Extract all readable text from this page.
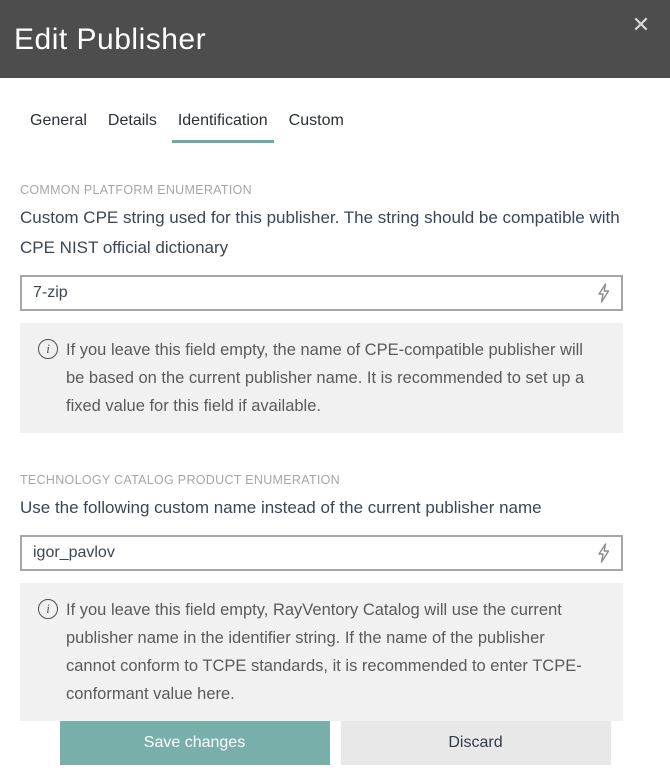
Edit Publisher	✕
General	Details	Identification	Custom
COMMON PLATFORM ENUMERATION
Custom CPE string used for this publisher. The string should be compatible with CPE NIST official dictionary
7-zip
i If you leave this field empty, the name of CPE-compatible publisher will be based on the current publisher name. It is recommended to set up a fixed value for this field if available.
TECHNOLOGY CATALOG PRODUCT ENUMERATION
Use the following custom name instead of the current publisher name
igor_pavlov
i If you leave this field empty, RayVentory Catalog will use the current publisher name in the identifier string. If the name of the publisher cannot conform to TCPE standards, it is recommended to enter TCPE-conformant value here.
Save changes	Discard
